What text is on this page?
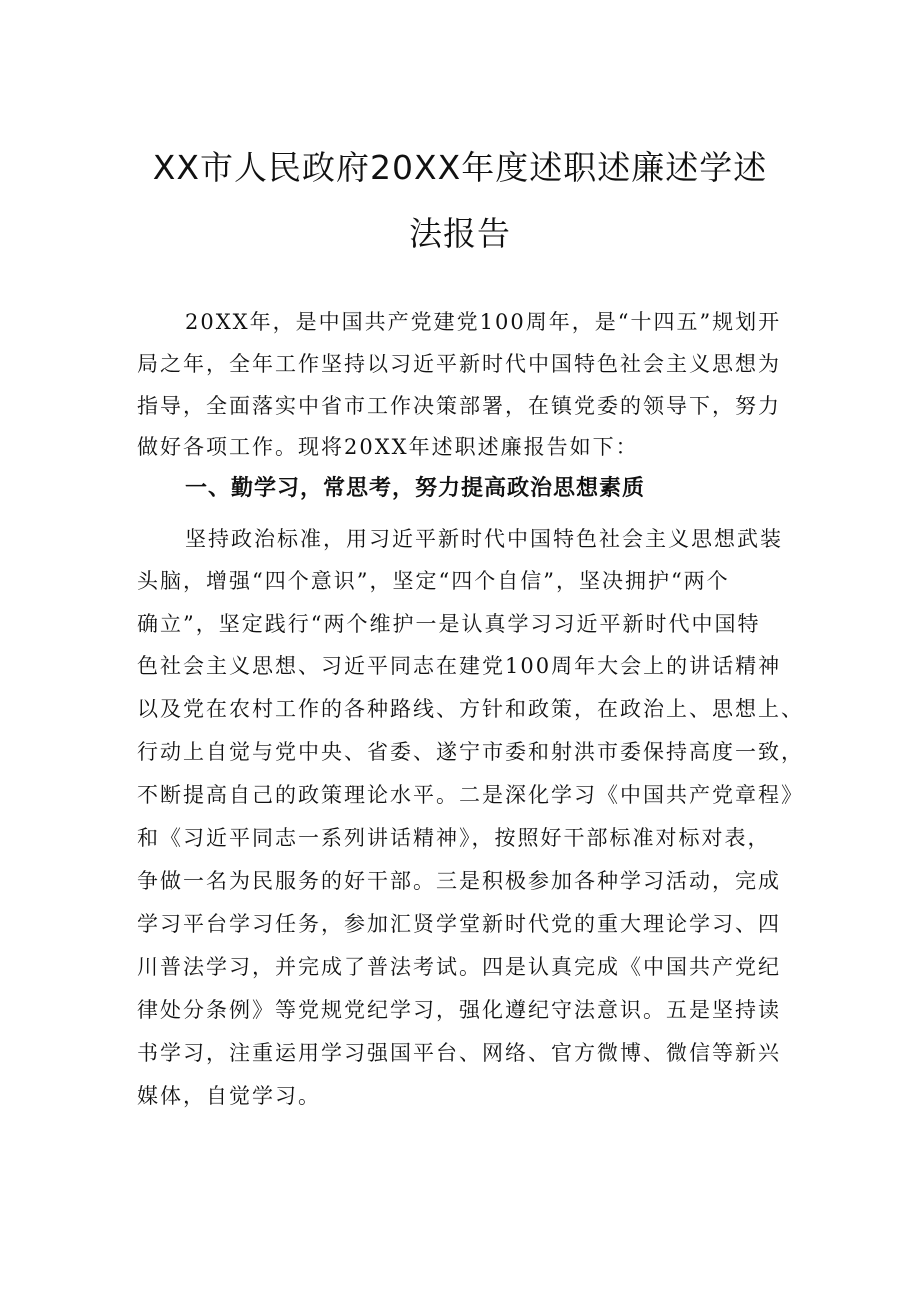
XX市人民政府20XX年度述职述廉述学述
法报告
20XX年，是中国共产党建党100周年，是“十四五”规划开
局之年，全年工作坚持以习近平新时代中国特色社会主义思想为
指导，全面落实中省市工作决策部署，在镇党委的领导下，努力
做好各项工作。现将20XX年述职述廉报告如下：
一、勤学习，常思考，努力提高政治思想素质
坚持政治标准，用习近平新时代中国特色社会主义思想武装
头脑，增强“四个意识”，坚定“四个自信”，坚决拥护“两个
确立”，坚定践行“两个维护一是认真学习习近平新时代中国特
色社会主义思想、习近平同志在建党100周年大会上的讲话精神
以及党在农村工作的各种路线、方针和政策，在政治上、思想上、
行动上自觉与党中央、省委、遂宁市委和射洪市委保持高度一致，
不断提高自己的政策理论水平。二是深化学习《中国共产党章程》
和《习近平同志一系列讲话精神》，按照好干部标准对标对表，
争做一名为民服务的好干部。三是积极参加各种学习活动，完成
学习平台学习任务，参加汇贤学堂新时代党的重大理论学习、四
川普法学习，并完成了普法考试。四是认真完成《中国共产党纪
律处分条例》等党规党纪学习，强化遵纪守法意识。五是坚持读
书学习，注重运用学习强国平台、网络、官方微博、微信等新兴
媒体，自觉学习。
